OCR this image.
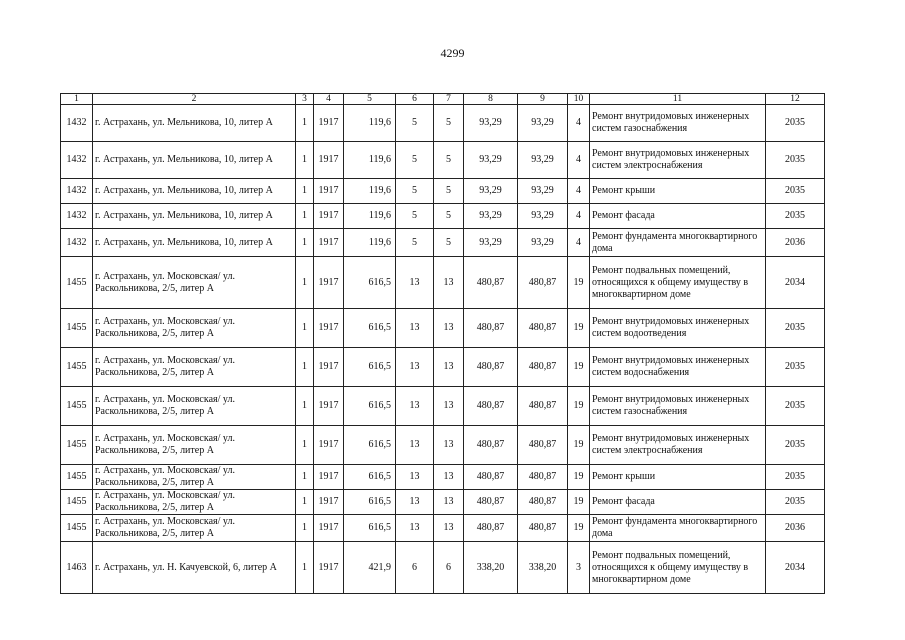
4299
1	2	3	4	5	6	7	8	9	10	11	12
1432	г. Астрахань, ул. Мельникова, 10, литер А	1	1917	119,6	5	5	93,29	93,29	4	Ремонт внутридомовых инженерных систем газоснабжения	2035
1432	г. Астрахань, ул. Мельникова, 10, литер А	1	1917	119,6	5	5	93,29	93,29	4	Ремонт внутридомовых инженерных систем электроснабжения	2035
1432	г. Астрахань, ул. Мельникова, 10, литер А	1	1917	119,6	5	5	93,29	93,29	4	Ремонт крыши	2035
1432	г. Астрахань, ул. Мельникова, 10, литер А	1	1917	119,6	5	5	93,29	93,29	4	Ремонт фасада	2035
1432	г. Астрахань, ул. Мельникова, 10, литер А	1	1917	119,6	5	5	93,29	93,29	4	Ремонт фундамента многоквартирного дома	2036
1455	г. Астрахань, ул. Московская/ ул. Раскольникова, 2/5, литер А	1	1917	616,5	13	13	480,87	480,87	19	Ремонт подвальных помещений, относящихся к общему имуществу в многоквартирном доме	2034
1455	г. Астрахань, ул. Московская/ ул. Раскольникова, 2/5, литер А	1	1917	616,5	13	13	480,87	480,87	19	Ремонт внутридомовых инженерных систем водоотведения	2035
1455	г. Астрахань, ул. Московская/ ул. Раскольникова, 2/5, литер А	1	1917	616,5	13	13	480,87	480,87	19	Ремонт внутридомовых инженерных систем водоснабжения	2035
1455	г. Астрахань, ул. Московская/ ул. Раскольникова, 2/5, литер А	1	1917	616,5	13	13	480,87	480,87	19	Ремонт внутридомовых инженерных систем газоснабжения	2035
1455	г. Астрахань, ул. Московская/ ул. Раскольникова, 2/5, литер А	1	1917	616,5	13	13	480,87	480,87	19	Ремонт внутридомовых инженерных систем электроснабжения	2035
1455	г. Астрахань, ул. Московская/ ул. Раскольникова, 2/5, литер А	1	1917	616,5	13	13	480,87	480,87	19	Ремонт крыши	2035
1455	г. Астрахань, ул. Московская/ ул. Раскольникова, 2/5, литер А	1	1917	616,5	13	13	480,87	480,87	19	Ремонт фасада	2035
1455	г. Астрахань, ул. Московская/ ул. Раскольникова, 2/5, литер А	1	1917	616,5	13	13	480,87	480,87	19	Ремонт фундамента многоквартирного дома	2036
1463	г. Астрахань, ул. Н. Качуевской, 6, литер А	1	1917	421,9	6	6	338,20	338,20	3	Ремонт подвальных помещений, относящихся к общему имуществу в многоквартирном доме	2034
